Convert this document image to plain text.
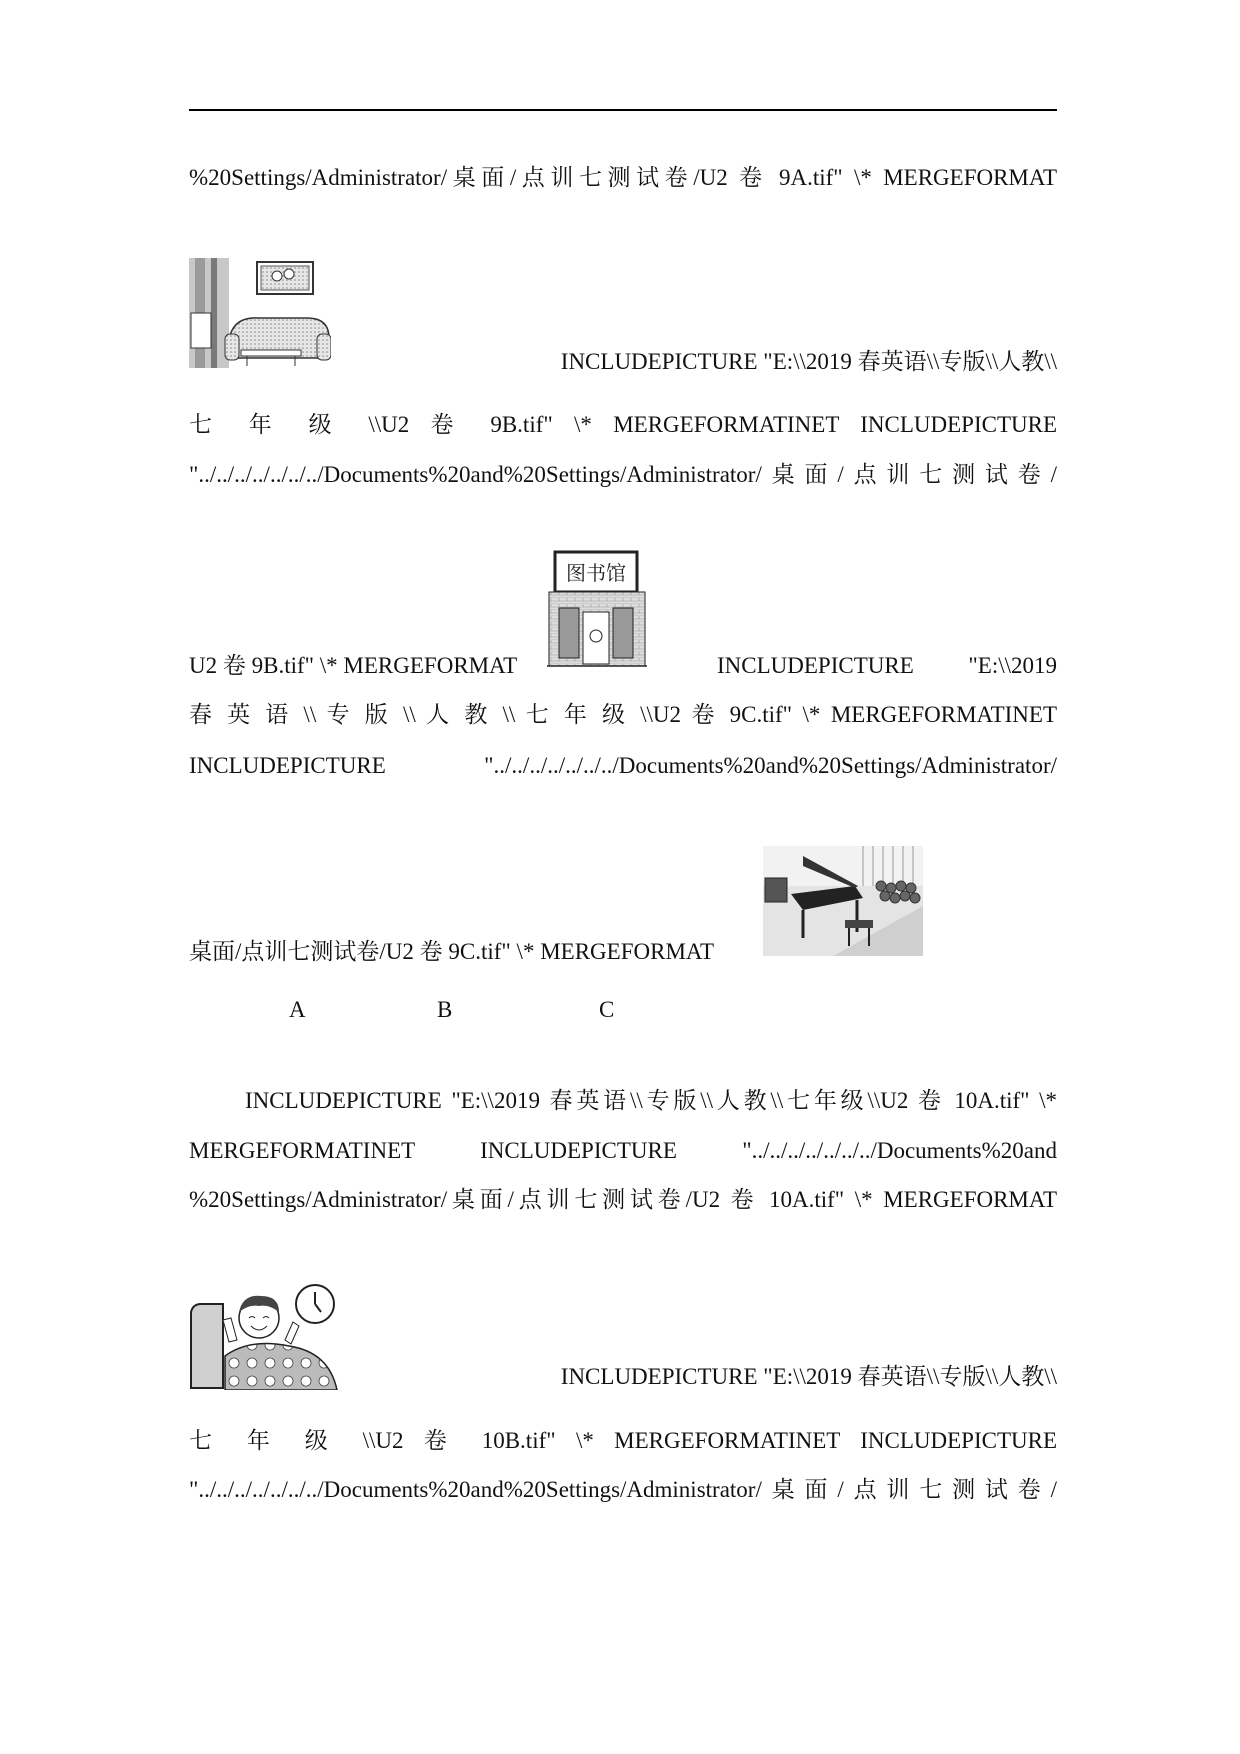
%20Settings/Administrator/桌面/点训七测试卷/U2 卷 9A.tif" \* MERGEFORMAT
INCLUDEPICTURE "E:\\2019 春英语\\专版\\人教\\
七 年 级 \\U2 卷 9B.tif" \* MERGEFORMATINET INCLUDEPICTURE
"../../../../../../../Documents%20and%20Settings/Administrator/桌面/点训七测试卷/
U2 卷 9B.tif" \* MERGEFORMAT
图书馆
INCLUDEPICTURE "E:\\2019
春 英 语 \\ 专 版 \\ 人 教 \\ 七 年 级 \\U2 卷 9C.tif" \* MERGEFORMATINET
INCLUDEPICTURE "../../../../../../../Documents%20and%20Settings/Administrator/
桌面/点训七测试卷/U2 卷 9C.tif" \* MERGEFORMAT
A	B	C
INCLUDEPICTURE "E:\\2019 春英语\\专版\\人教\\七年级\\U2 卷 10A.tif" \*
MERGEFORMATINET INCLUDEPICTURE "../../../../../../../Documents%20and
%20Settings/Administrator/桌面/点训七测试卷/U2 卷 10A.tif" \* MERGEFORMAT
INCLUDEPICTURE "E:\\2019 春英语\\专版\\人教\\
七 年 级 \\U2 卷 10B.tif" \* MERGEFORMATINET INCLUDEPICTURE
"../../../../../../../Documents%20and%20Settings/Administrator/桌面/点训七测试卷/
